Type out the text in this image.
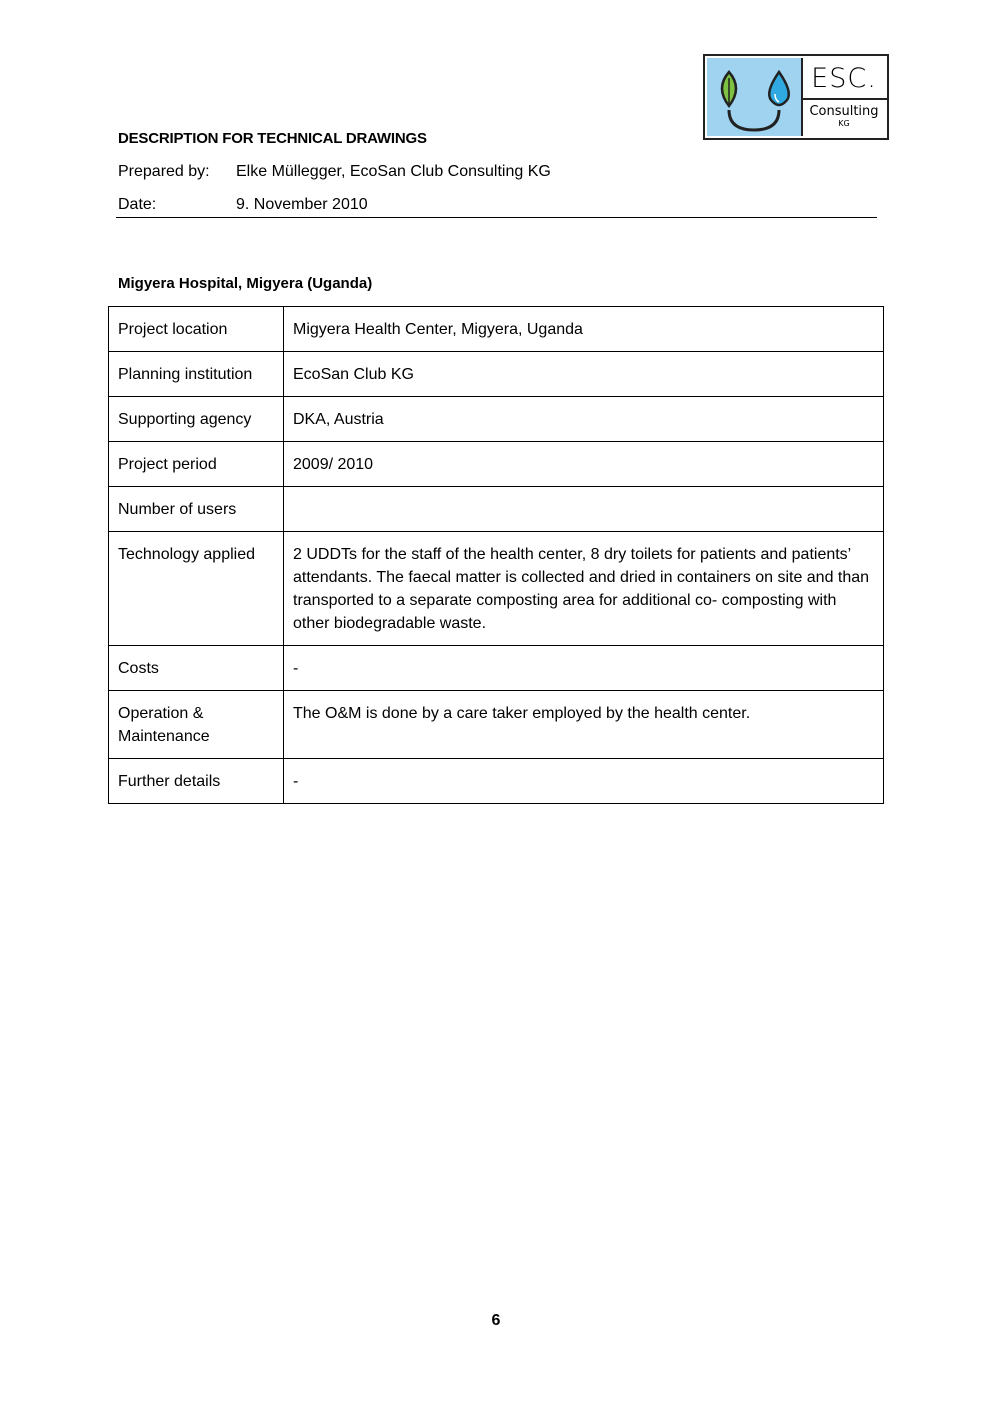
ESC.
Consulting
KG
DESCRIPTION FOR TECHNICAL DRAWINGS
Prepared by: Elke Müllegger, EcoSan Club Consulting KG
Date:	9. November 2010
Migyera Hospital, Migyera (Uganda)
Project location	Migyera Health Center, Migyera, Uganda
Planning institution	EcoSan Club KG
Supporting agency	DKA, Austria
Project period	2009/ 2010
Number of users	
Technology applied	2 UDDTs for the staff of the health center, 8 dry toilets for patients and patients’ attendants. The faecal matter is collected and dried in containers on site and than transported to a separate composting area for additional co- composting with other biodegradable waste.
Costs	-
Operation & Maintenance	The O&M is done by a care taker employed by the health center.
Further details	-
6
